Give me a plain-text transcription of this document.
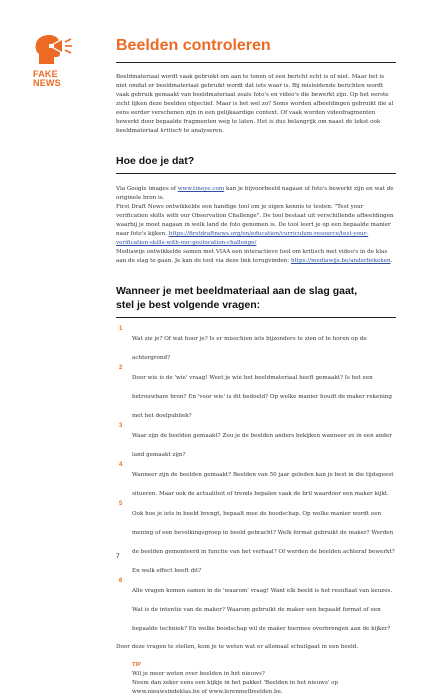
FAKE
NEWS
Beelden controleren

Beeldmateriaal wordt vaak gebruikt om aan te tonen of een bericht echt is of niet. Maar het is niet omdat er beeldmateriaal gebruikt wordt dat iets waar is. Bij misleidende berichten wordt vaak gebruik gemaakt van beeldmateriaal zoals foto's en video's die bewerkt zijn. Op het eerste zicht lijken deze beelden objectief. Maar is het wel zo? Soms worden afbeeldingen gebruikt die al eens eerder verschenen zijn in een gelijkaardige context. Of vaak worden videofragmenten bewerkt door bepaalde fragmenten weg te laten. Het is dus belangrijk om naast de tekst ook beeldmateriaal kritisch te analyseren.

Hoe doe je dat?

Via Google images of www.tineye.com kan je bijvoorbeeld nagaan of foto's bewerkt zijn en wat de originele bron is.

First Draft News ontwikkelde een handige tool om je eigen kennis te testen: "Test your verification skills with our Observation Challenge". De tool bestaat uit verschillende afbeeldingen waarbij je moet nagaan in welk land de foto genomen is. De tool leert je op een bepaalde manier naar foto's kijken. https://firstdraftnews.org/en/education/curriculum-resource/test-your-verification-skills-with-our-geolocation-challenge/

Mediawijs ontwikkelde samen met VIAA een interactieve tool om kritisch met video's in de klas aan de slag te gaan. Je kan de tool via deze link terugvinden: https://mediawijs.be/anderbekeken.

Wanneer je met beeldmateriaal aan de slag gaat,
stel je best volgende vragen:
1
Wat zie je? Of wat hoor je? Is er misschien iets bijzonders te zien of te horen op de achtergrond?
2
Door wie is de 'wie' vraag! Weet je wie het beeldmateriaal heeft gemaakt? Is het een betrouwbare bron? En 'voor wie' is dit bedoeld? Op welke manier houdt de maker rekening met het doelpubliek?
3
Waar zijn de beelden gemaakt? Zou je de beelden anders bekijken wanneer ze in een ander land gemaakt zijn?
4
Wanneer zijn de beelden gemaakt? Beelden van 50 jaar geleden kan je best in die tijdsgeest situeren. Maar ook de actualiteit of trends bepalen vaak de bril waardoor een maker kijkt.
5
Ook hoe je iets in beeld brengt, bepaalt mee de boodschap. Op welke manier wordt een mening of een bevolkingsgroep in beeld gebracht? Welk format gebruikt de maker? Werden de beelden gemonteerd in functie van het verhaal? Of werden de beelden achteraf bewerkt? En welk effect heeft dit?
6
Alle vragen komen samen in de 'waarom' vraag! Want elk beeld is het resultaat van keuzes. Wat is de intentie van de maker? Waarom gebruikt de maker een bepaald format of een bepaalde techniek? En welke boodschap wil de maker hiermee overbrengen aan de kijker?

Door deze vragen te stellen, kom je te weten wat er allemaal schuilgaat in een beeld.

TIP
Wil je meer weten over beelden in het nieuws?
Neem dan zeker eens een kijkje in het pakket 'Beelden in het nieuws' op www.nieuwsindeklas.be of www.lerenmetbeelden.be.
7
